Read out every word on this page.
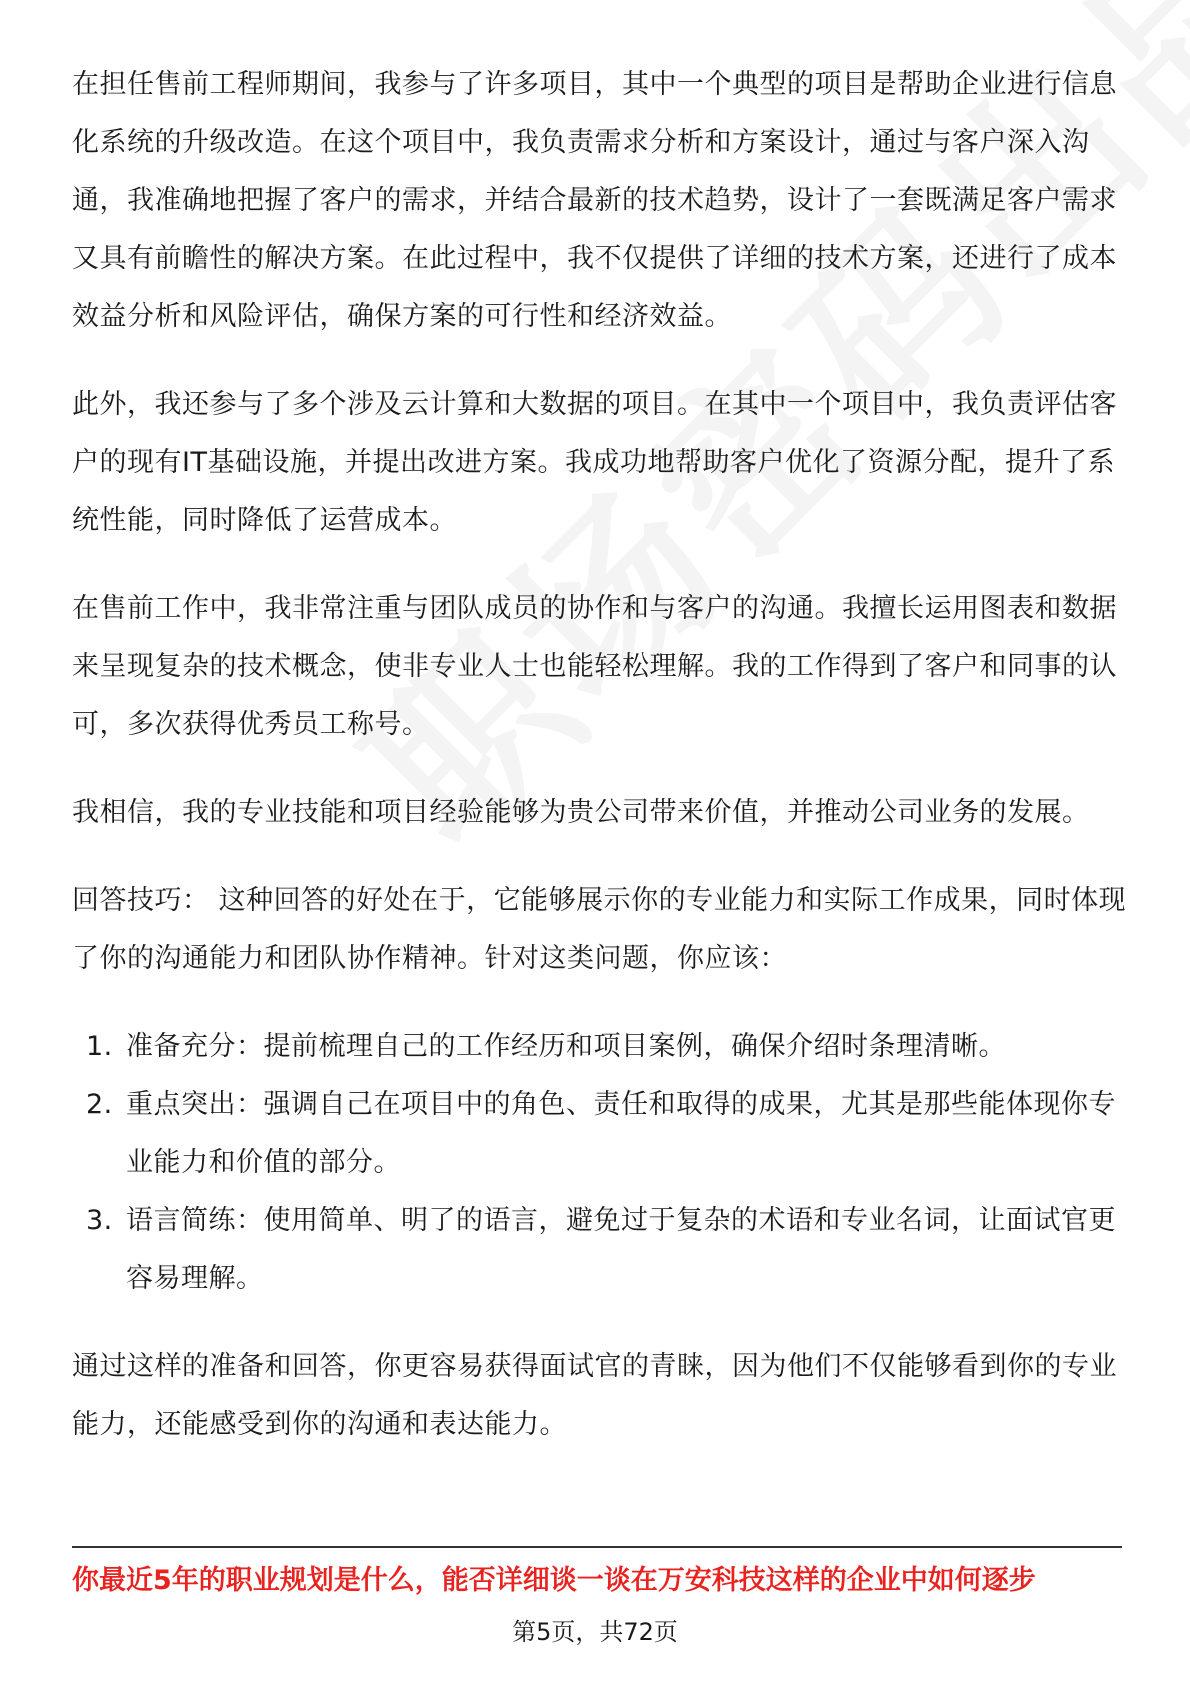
在担任售前工程师期间，我参与了许多项目，其中一个典型的项目是帮助企业进行信息化系统的升级改造。在这个项目中，我负责需求分析和方案设计，通过与客户深入沟通，我准确地把握了客户的需求，并结合最新的技术趋势，设计了一套既满足客户需求又具有前瞻性的解决方案。在此过程中，我不仅提供了详细的技术方案，还进行了成本效益分析和风险评估，确保方案的可行性和经济效益。

此外，我还参与了多个涉及云计算和大数据的项目。在其中一个项目中，我负责评估客户的现有IT基础设施，并提出改进方案。我成功地帮助客户优化了资源分配，提升了系统性能，同时降低了运营成本。

在售前工作中，我非常注重与团队成员的协作和与客户的沟通。我擅长运用图表和数据来呈现复杂的技术概念，使非专业人士也能轻松理解。我的工作得到了客户和同事的认可，多次获得优秀员工称号。

我相信，我的专业技能和项目经验能够为贵公司带来价值，并推动公司业务的发展。

回答技巧： 这种回答的好处在于，它能够展示你的专业能力和实际工作成果，同时体现了你的沟通能力和团队协作精神。针对这类问题，你应该：

1. 准备充分：提前梳理自己的工作经历和项目案例，确保介绍时条理清晰。
2. 重点突出：强调自己在项目中的角色、责任和取得的成果，尤其是那些能体现你专业能力和价值的部分。
3. 语言简练：使用简单、明了的语言，避免过于复杂的术语和专业名词，让面试官更容易理解。

通过这样的准备和回答，你更容易获得面试官的青睐，因为他们不仅能够看到你的专业能力，还能感受到你的沟通和表达能力。

你最近5年的职业规划是什么，能否详细谈一谈在万安科技这样的企业中如何逐步
第5页，共72页
